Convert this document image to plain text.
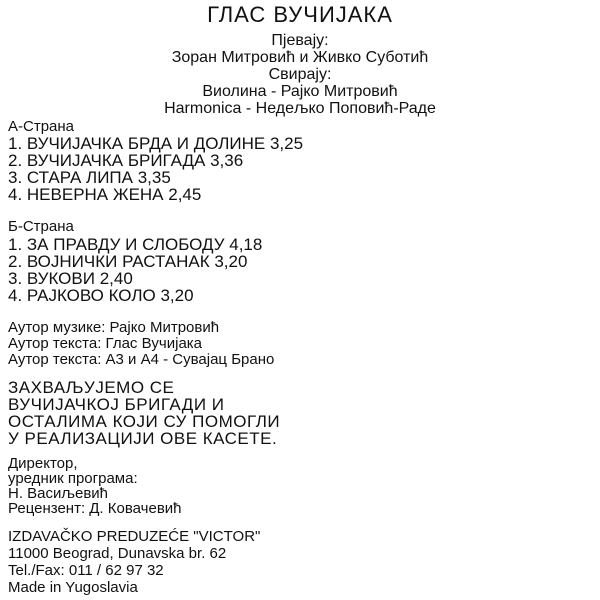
ГЛАС ВУЧИЈАКА
Пјевају:
Зоран Митровић и Живко Суботић
Свирају:
Виолина - Рајко Митровић
Harmonica - Недељко Поповић-Раде
А-Страна
1. ВУЧИЈАЧКА БРДА И ДОЛИНЕ 3,25
2. ВУЧИЈАЧКА БРИГАДА 3,36
3. СТАРА ЛИПА 3,35
4. НЕВЕРНА ЖЕНА 2,45
Б-Страна
1. ЗА ПРАВДУ И СЛОБОДУ 4,18
2. ВОЈНИЧКИ РАСТАНАК 3,20
3. ВУКОВИ 2,40
4. РАЈКОВО КОЛО 3,20
Аутор музике: Рајко Митровић
Аутор текста: Глас Вучијака
Аутор текста: А3 и А4 - Сувајац Брано
ЗАХВАЉУЈЕМО СЕ
ВУЧИЈАЧКОЈ БРИГАДИ И
ОСТАЛИМА КОЈИ СУ ПОМОГЛИ
У РЕАЛИЗАЦИЈИ ОВЕ КАСЕТЕ.
Директор,
уредник програма:
Н. Васиљевић
Рецензент: Д. Ковачевић
IZDAVAČKO PREDUZEĆE "VICTOR"
11000 Beograd, Dunavska br. 62
Tel./Fax: 011 / 62 97 32
Made in Yugoslavia
